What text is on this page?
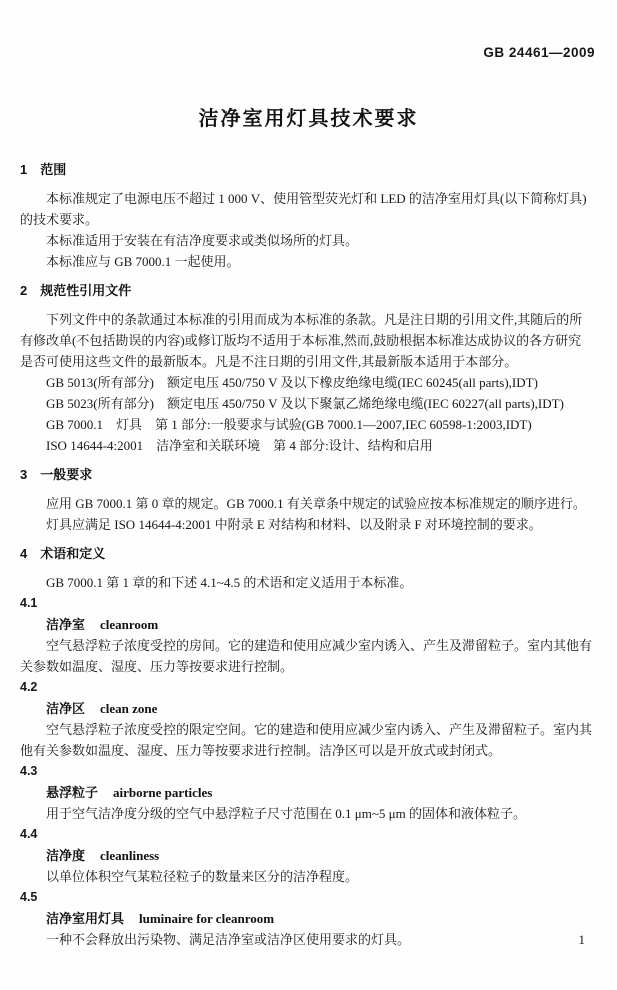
GB 24461—2009
洁净室用灯具技术要求
1 范围
本标准规定了电源电压不超过 1 000 V、使用管型荧光灯和 LED 的洁净室用灯具(以下简称灯具)
的技术要求。
本标准适用于安装在有洁净度要求或类似场所的灯具。
本标准应与 GB 7000.1 一起使用。
2 规范性引用文件
下列文件中的条款通过本标准的引用而成为本标准的条款。凡是注日期的引用文件,其随后的所
有修改单(不包括勘误的内容)或修订版均不适用于本标准,然而,鼓励根据本标准达成协议的各方研究
是否可使用这些文件的最新版本。凡是不注日期的引用文件,其最新版本适用于本部分。
GB 5013(所有部分)　额定电压 450/750 V 及以下橡皮绝缘电缆(IEC 60245(all parts),IDT)
GB 5023(所有部分)　额定电压 450/750 V 及以下聚氯乙烯绝缘电缆(IEC 60227(all parts),IDT)
GB 7000.1　灯具　第 1 部分:一般要求与试验(GB 7000.1—2007,IEC 60598-1:2003,IDT)
ISO 14644-4:2001　洁净室和关联环境　第 4 部分:设计、结构和启用
3 一般要求
应用 GB 7000.1 第 0 章的规定。GB 7000.1 有关章条中规定的试验应按本标准规定的顺序进行。
灯具应满足 ISO 14644-4:2001 中附录 E 对结构和材料、以及附录 F 对环境控制的要求。
4 术语和定义
GB 7000.1 第 1 章的和下述 4.1~4.5 的术语和定义适用于本标准。
4.1
洁净室 cleanroom
空气悬浮粒子浓度受控的房间。它的建造和使用应减少室内诱入、产生及滞留粒子。室内其他有
关参数如温度、湿度、压力等按要求进行控制。
4.2
洁净区 clean zone
空气悬浮粒子浓度受控的限定空间。它的建造和使用应减少室内诱入、产生及滞留粒子。室内其
他有关参数如温度、湿度、压力等按要求进行控制。洁净区可以是开放式或封闭式。
4.3
悬浮粒子 airborne particles
用于空气洁净度分级的空气中悬浮粒子尺寸范围在 0.1 μm~5 μm 的固体和液体粒子。
4.4
洁净度 cleanliness
以单位体积空气某粒径粒子的数量来区分的洁净程度。
4.5
洁净室用灯具 luminaire for cleanroom
一种不会释放出污染物、满足洁净室或洁净区使用要求的灯具。	1
